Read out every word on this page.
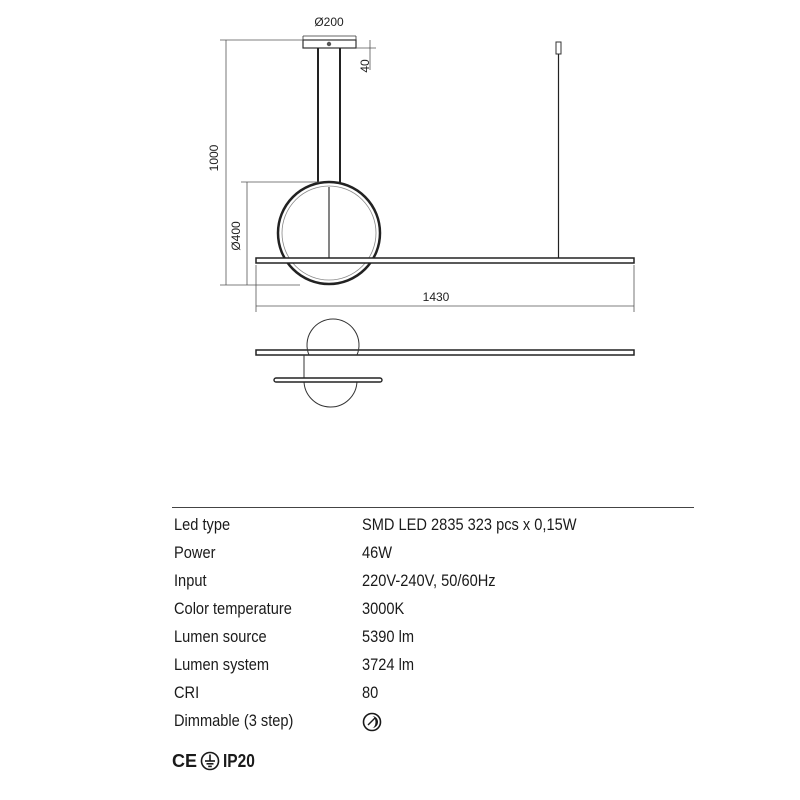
Ø200
40
1000
Ø400
1430
Led type	SMD LED 2835 323 pcs x 0,15W
Power	46W
Input	220V-240V, 50/60Hz
Color temperature	3000K
Lumen source	5390 lm
Lumen system	3724 lm
CRI	80
Dimmable (3 step)	
CE IP20
